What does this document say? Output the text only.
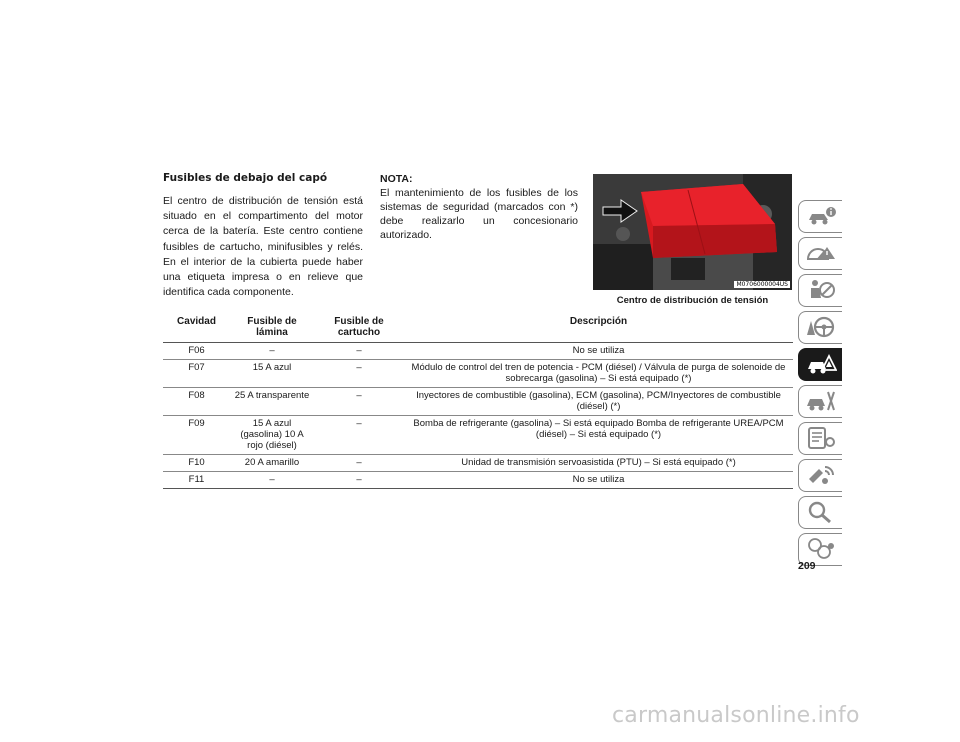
Fusibles de debajo del capó
El centro de distribución de tensión está situado en el compartimento del motor cerca de la batería. Este centro contiene fusibles de cartucho, minifusibles y relés. En el interior de la cubierta puede haber una etiqueta impresa o en relieve que identifica cada componente.
NOTA:
El mantenimiento de los fusibles de los sistemas de seguridad (marcados con *) debe realizarlo un concesionario autorizado.
M0706000004US
Centro de distribución de tensión
Cavidad	Fusible de lámina	Fusible de cartucho	Descripción
F06	–	–	No se utiliza
F07	15 A azul	–	Módulo de control del tren de potencia - PCM (diésel) / Válvula de purga de solenoide de sobrecarga (gasolina) – Si está equipado (*)
F08	25 A transparente	–	Inyectores de combustible (gasolina), ECM (gasolina), PCM/Inyectores de combustible (diésel) (*)
F09	15 A azul (gasolina) 10 A rojo (diésel)	–	Bomba de refrigerante (gasolina) – Si está equipado Bomba de refrigerante UREA/PCM (diésel) – Si está equipado (*)
F10	20 A amarillo	–	Unidad de transmisión servoasistida (PTU) – Si está equipado (*)
F11	–	–	No se utiliza
209
carmanualsonline.info
